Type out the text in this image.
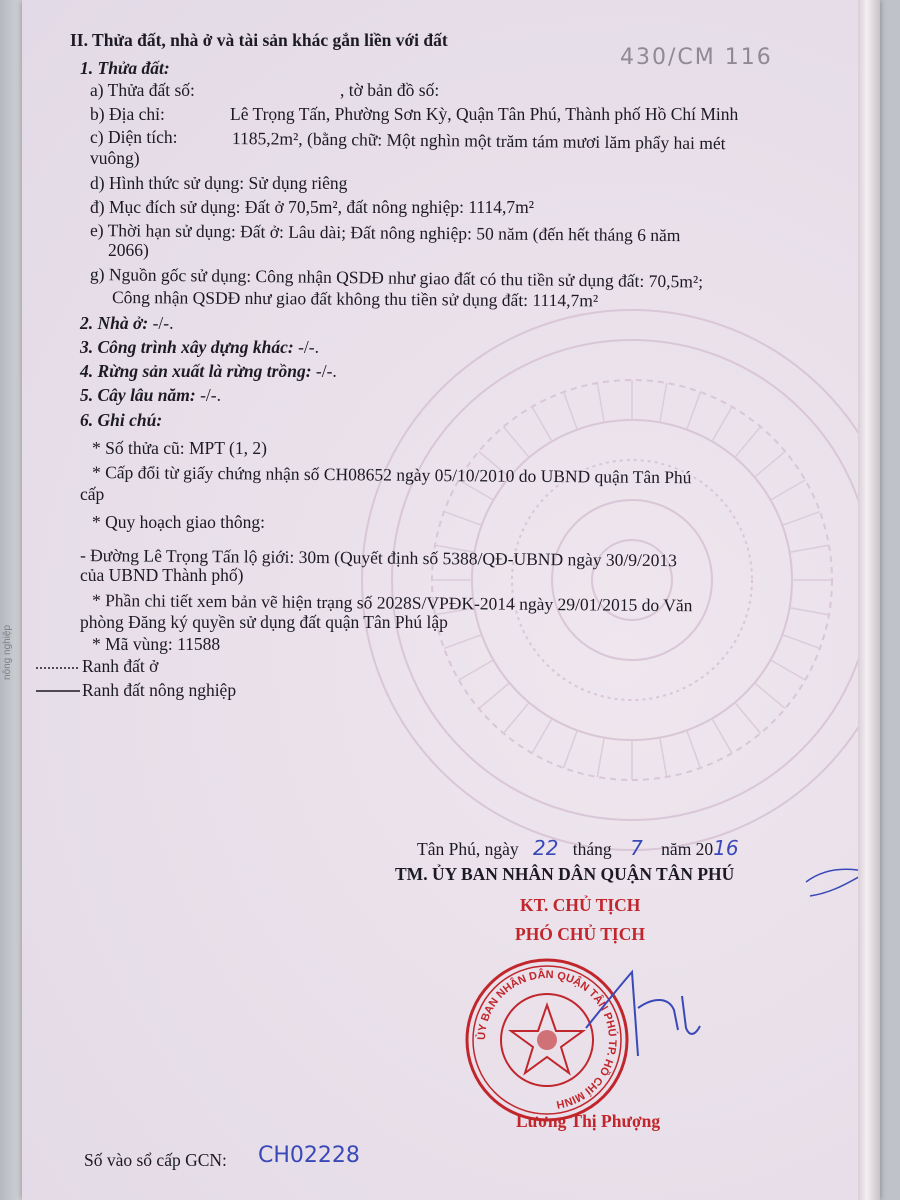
nông nghiệp
430/CM 116
II. Thửa đất, nhà ở và tài sản khác gắn liền với đất
1. Thửa đất:
a) Thửa đất số:	, tờ bản đồ số:
b) Địa chỉ:	Lê Trọng Tấn, Phường Sơn Kỳ, Quận Tân Phú, Thành phố Hồ Chí Minh
c) Diện tích:	1185,2m², (bằng chữ: Một nghìn một trăm tám mươi lăm phẩy hai mét
vuông)
d) Hình thức sử dụng: Sử dụng riêng
đ) Mục đích sử dụng: Đất ở 70,5m², đất nông nghiệp: 1114,7m²
e) Thời hạn sử dụng: Đất ở: Lâu dài; Đất nông nghiệp: 50 năm (đến hết tháng 6 năm
2066)
g) Nguồn gốc sử dụng: Công nhận QSDĐ như giao đất có thu tiền sử dụng đất: 70,5m²;
Công nhận QSDĐ như giao đất không thu tiền sử dụng đất: 1114,7m²
2. Nhà ở: -/-.
3. Công trình xây dựng khác: -/-.
4. Rừng sản xuất là rừng trồng: -/-.
5. Cây lâu năm: -/-.
6. Ghi chú:
* Số thửa cũ: MPT (1, 2)
* Cấp đổi từ giấy chứng nhận số CH08652 ngày 05/10/2010 do UBND quận Tân Phú
cấp
* Quy hoạch giao thông:
- Đường Lê Trọng Tấn lộ giới: 30m (Quyết định số 5388/QĐ-UBND ngày 30/9/2013
của UBND Thành phố)
* Phần chi tiết xem bản vẽ hiện trạng số 2028S/VPĐK-2014 ngày 29/01/2015 do Văn
phòng Đăng ký quyền sử dụng đất quận Tân Phú lập
* Mã vùng: 11588
Ranh đất ở
Ranh đất nông nghiệp
Tân Phú, ngày 22 tháng 7 năm 2016
TM. ỦY BAN NHÂN DÂN QUẬN TÂN PHÚ
KT. CHỦ TỊCH
PHÓ CHỦ TỊCH
ỦY BAN NHÂN DÂN QUẬN TÂN PHÚ TP. HỒ CHÍ MINH
Lương Thị Phượng
Số vào sổ cấp GCN: CH02228
